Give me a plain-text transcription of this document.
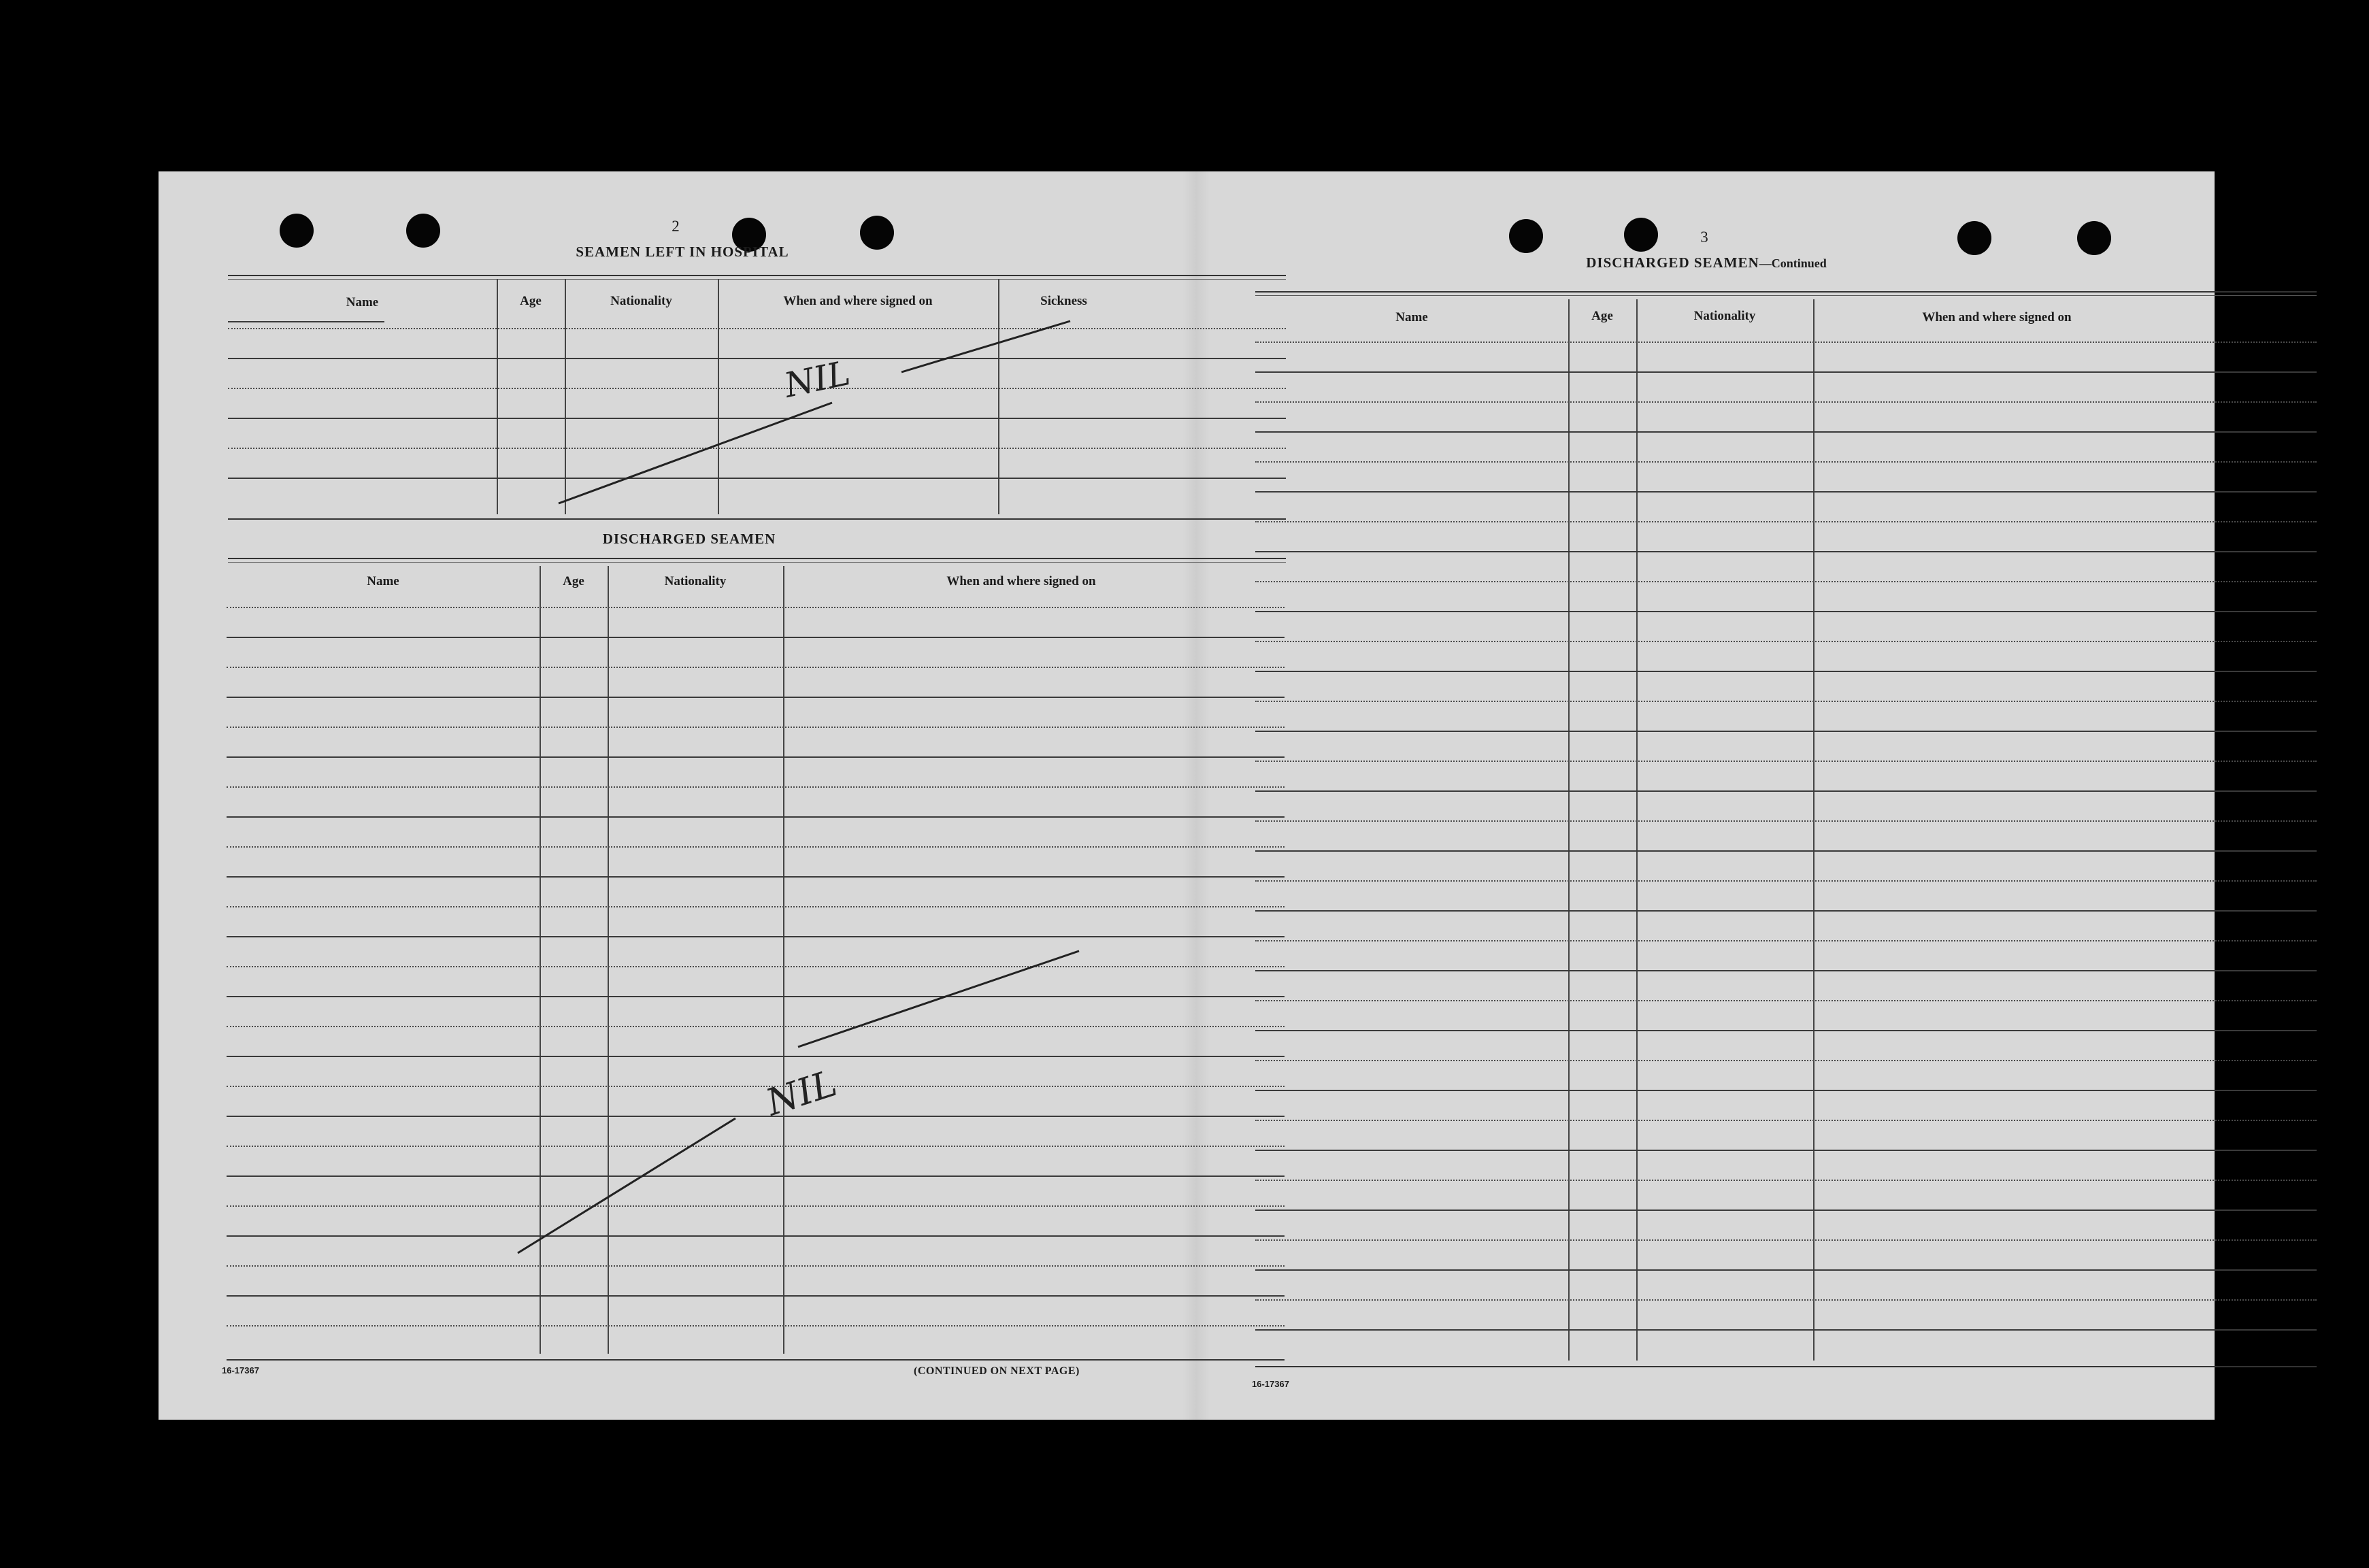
2
SEAMEN LEFT IN HOSPITAL
Name	Age	Nationality	When and where signed on	Sickness
DISCHARGED SEAMEN
Name	Age	Nationality	When and where signed on
16-17367	(CONTINUED ON NEXT PAGE)
3
DISCHARGED SEAMEN—Continued
Name	Age	Nationality	When and where signed on
16-17367
NIL
NIL
